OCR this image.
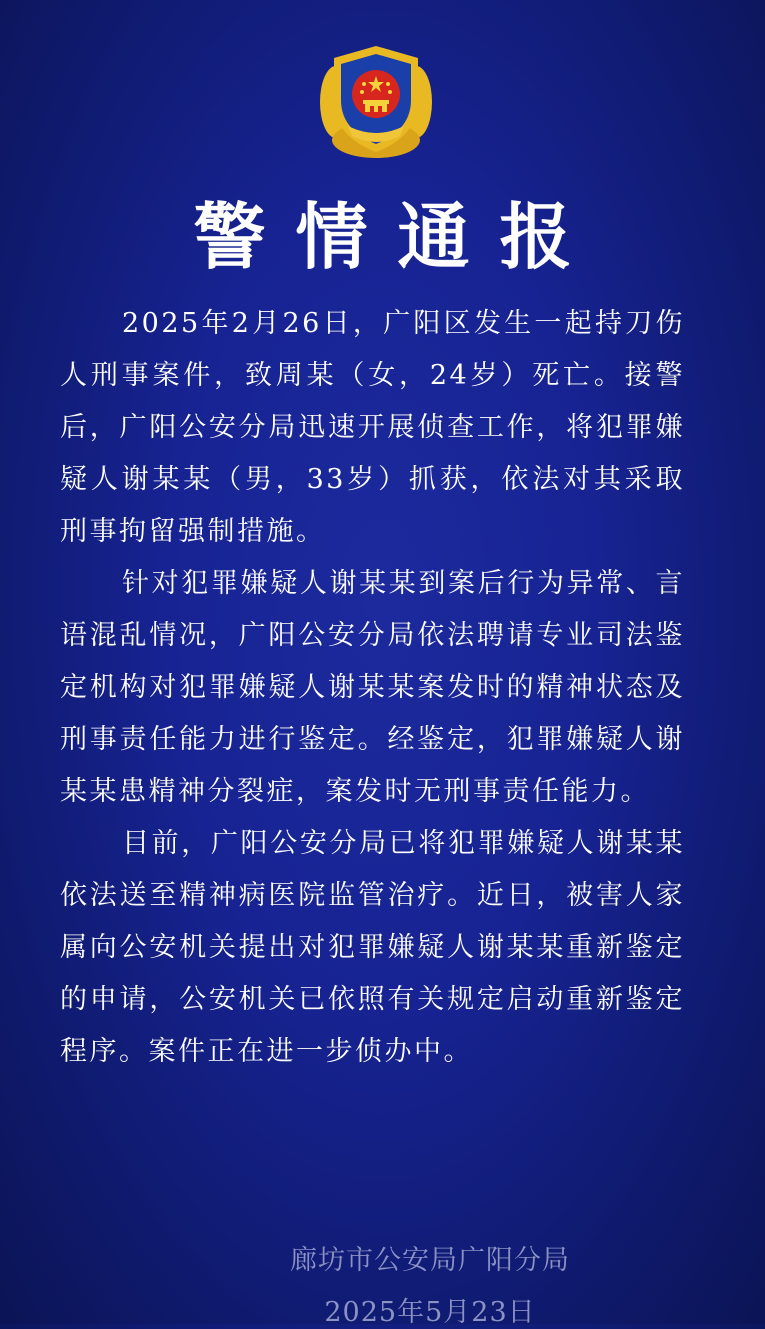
警情通报

2025年2月26日，广阳区发生一起持刀伤人刑事案件，致周某（女，24岁）死亡。接警后，广阳公安分局迅速开展侦查工作，将犯罪嫌疑人谢某某（男，33岁）抓获，依法对其采取刑事拘留强制措施。

针对犯罪嫌疑人谢某某到案后行为异常、言语混乱情况，广阳公安分局依法聘请专业司法鉴定机构对犯罪嫌疑人谢某某案发时的精神状态及刑事责任能力进行鉴定。经鉴定，犯罪嫌疑人谢某某患精神分裂症，案发时无刑事责任能力。

目前，广阳公安分局已将犯罪嫌疑人谢某某依法送至精神病医院监管治疗。近日，被害人家属向公安机关提出对犯罪嫌疑人谢某某重新鉴定的申请，公安机关已依照有关规定启动重新鉴定程序。案件正在进一步侦办中。

廊坊市公安局广阳分局
2025年5月23日
